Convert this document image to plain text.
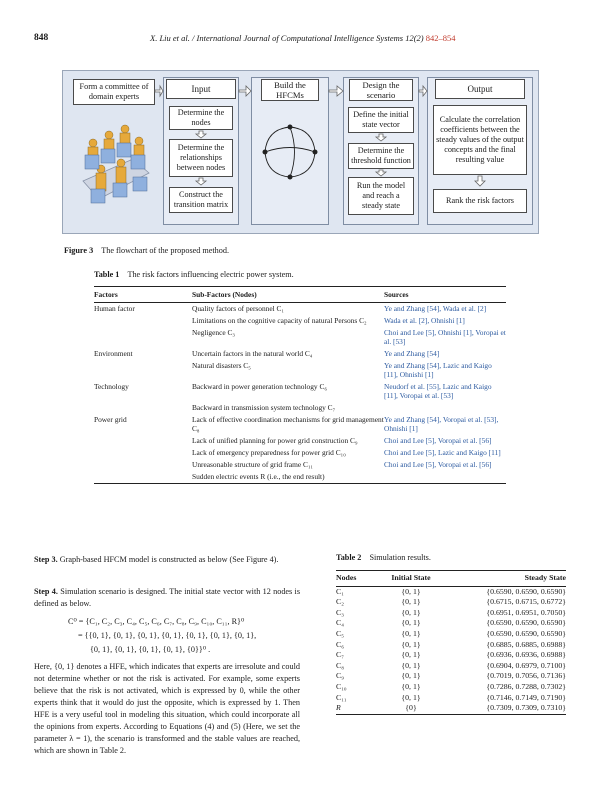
848	X. Liu et al. / International Journal of Computational Intelligence Systems 12(2) 842–854
Form a committee of domain experts
Input
Determine the nodes
Determine the relationships between nodes
Construct the transition matrix
Build the HFCMs
Design the scenario
Define the initial state vector
Determine the threshold function
Run the model and reach a steady state
Output
Calculate the correlation coefficients between the steady values of the output concepts and the final resulting value
Rank the risk factors
Figure 3 The flowchart of the proposed method.
Table 1 The risk factors influencing electric power system.
Factors	Sub-Factors (Nodes)	Sources
Human factor	Quality factors of personnel C₁	Ye and Zhang [54], Wada et al. [2]
	Limitations on the cognitive capacity of natural Persons C₂	Wada et al. [2], Ohnishi [1]
	Negligence C₃	Choi and Lee [5], Ohnishi [1], Voropai et al. [53]
Environment	Uncertain factors in the natural world C₄	Ye and Zhang [54]
	Natural disasters C₅	Ye and Zhang [54], Lazic and Kaigo [11], Ohnishi [1]
Technology	Backward in power generation technology C₆	Neudorf et al. [55], Lazic and Kaigo [11], Voropai et al. [53]
	Backward in transmission system technology C₇	
Power grid	Lack of effective coordination mechanisms for grid management C₈	Ye and Zhang [54], Voropai et al. [53], Ohnishi [1]
	Lack of unified planning for power grid construction C₉	Choi and Lee [5], Voropai et al. [56]
	Lack of emergency preparedness for power grid C₁₀	Choi and Lee [5], Lazic and Kaigo [11]
	Unreasonable structure of grid frame C₁₁	Choi and Lee [5], Voropai et al. [56]
	Sudden electric events R (i.e., the end result)	
Step 3. Graph-based HFCM model is constructed as below (See Figure 4).
Step 4. Simulation scenario is designed. The initial state vector with 12 nodes is defined as below.
C⁰ = {C₁, C₂, C₃, C₄, C₅, C₆, C₇, C₈, C₉, C₁₀, C₁₁, R}⁰
= {{0, 1}, {0, 1}, {0, 1}, {0, 1}, {0, 1}, {0, 1}, {0, 1},
{0, 1}, {0, 1}, {0, 1}, {0, 1}, {0}}⁰ .
Here, {0, 1} denotes a HFE, which indicates that experts are irresolute and could not determine whether or not the risk is activated. For example, some experts believe that the risk is not activated, which is expressed by 0, while the other experts think that it would do just the opposite, which is expressed by 1. Then HFE is a very useful tool in modeling this situation, which could incorporate all the opinions from experts. According to Equations (4) and (5) (Here, we set the parameter λ = 1), the scenario is transformed and the stable values are reached, which are shown in Table 2.
Table 2 Simulation results.
Nodes	Initial State	Steady State
C₁	{0, 1}	{0.6590, 0.6590, 0.6590}
C₂	{0, 1}	{0.6715, 0.6715, 0.6772}
C₃	{0, 1}	{0.6951, 0.6951, 0.7050}
C₄	{0, 1}	{0.6590, 0.6590, 0.6590}
C₅	{0, 1}	{0.6590, 0.6590, 0.6590}
C₆	{0, 1}	{0.6885, 0.6885, 0.6988}
C₇	{0, 1}	{0.6936, 0.6936, 0.6988}
C₈	{0, 1}	{0.6904, 0.6979, 0.7100}
C₉	{0, 1}	{0.7019, 0.7056, 0.7136}
C₁₀	{0, 1}	{0.7286, 0.7288, 0.7302}
C₁₁	{0, 1}	{0.7146, 0.7149, 0.7190}
R	{0}	{0.7309, 0.7309, 0.7310}
